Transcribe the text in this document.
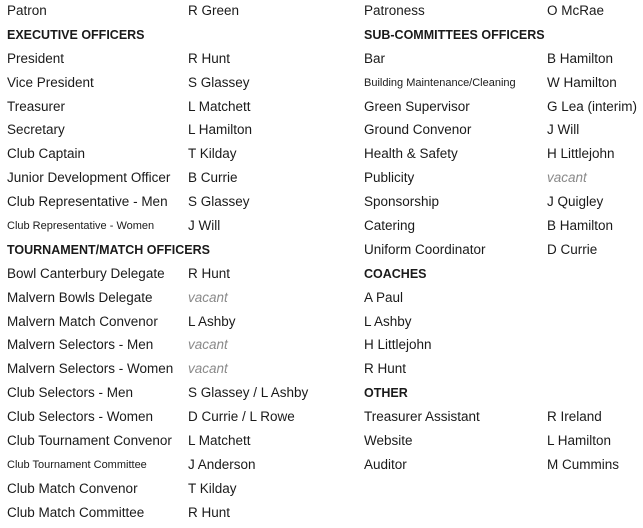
Patron	R Green
EXECUTIVE OFFICERS
President	R Hunt
Vice President	S Glassey
Treasurer	L Matchett
Secretary	L Hamilton
Club Captain	T Kilday
Junior Development Officer B Currie
Club Representative - Men S Glassey
Club Representative - Women	J Will
TOURNAMENT/MATCH OFFICERS
Bowl Canterbury Delegate R Hunt
Malvern Bowls Delegate	vacant
Malvern Match Convenor L Ashby
Malvern Selectors - Men	vacant
Malvern Selectors - Women vacant
Club Selectors - Men	S Glassey / L Ashby
Club Selectors - Women	D Currie / L Rowe
Club Tournament Convenor L Matchett
Club Tournament Committee	J Anderson
Club Match Convenor	T Kilday
Club Match Committee	R Hunt
Patroness	O McRae
SUB-COMMITTEES OFFICERS
Bar	B Hamilton
Building Maintenance/Cleaning W Hamilton
Green Supervisor	G Lea (interim)
Ground Convenor	J Will
Health & Safety	H Littlejohn
Publicity	vacant
Sponsorship	J Quigley
Catering	B Hamilton
Uniform Coordinator	D Currie
COACHES
A Paul
L Ashby
H Littlejohn
R Hunt
OTHER
Treasurer Assistant	R Ireland
Website	L Hamilton
Auditor	M Cummins
